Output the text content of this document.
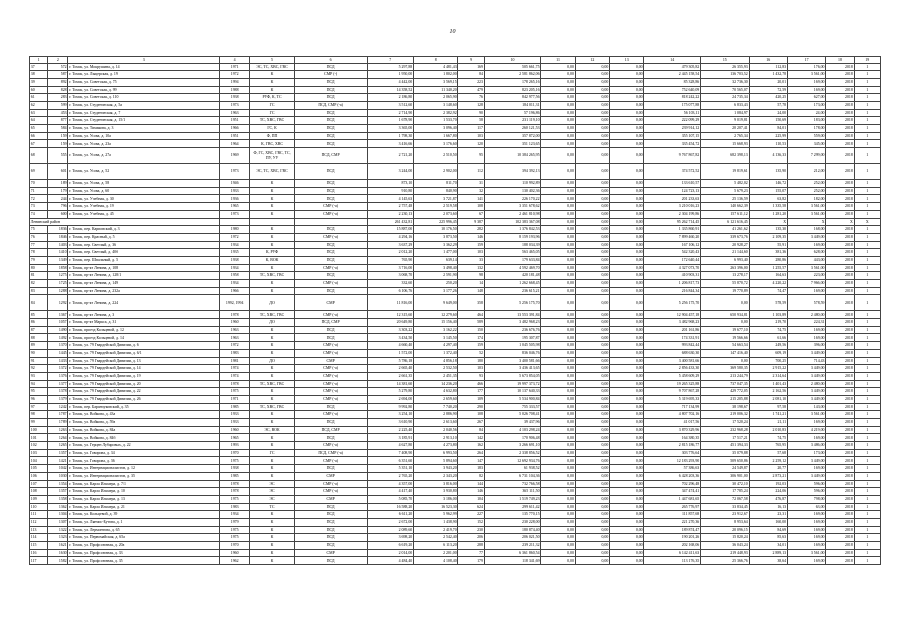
10
1	2	3	4	5	6	7	8	9	10	11	12	13	14	15	16	17	18	19
37	572	г. Томск, ул. Мокрушина, д. 14	1971	ЭС, ТС, ХВС, ГВС	ПСД	5 297,88	4 481,43	169	505 661,75	0,00	0,00	0,00	479 305,82	26 355,93	112,83	176,00	2018	1
38	587	г. Томск, ул. Лыцерская, д. 19	1972	К	СМР (-)	1 950,00	1 802,00	84	2 581 862,06	0,00	0,00	0,00	2 445 158,54	136 703,52	1 432,78	3 561,00	2018	1
39	892	г. Томск, ул. Советская, д. 75	1994	К	ПСД	4 442,00	3 569,15	223	178 265,16	0,00	0,00	0,00	85 328,86	32 736,30	20,01	169,00	2018	1
60	828	г. Томск, ул. Советская, д. 99	1988	К	ПСД	14 358,52	11 340,20	479	823 205,16	0,00	0,00	0,00	752 640,09	70 565,07	72,59	169,00	2018	1
61	283	г. Томск, ул. Советская, д. 110	1938	РУФ, К, ТС	ПСД	2 186,80	2 065,90	76	842 977,56	0,00	0,00	0,00	818 242,22	24 735,34	420,25	627,00	2018	1
62	599	г. Томск, ул. Студенческая, д. 5а	1973	ГС	ПСД, СМР (-а)	3 512,60	3 148,60	128	184 011,31	0,00	0,00	0,00	175 077,88	6 833,43	57,78	173,00	2018	1
63	453	г. Томск, ул. Студенческая, д. 7	1963	ГС	ПСД	2 714,90	2 382,92	90	57 196,86	0,00	0,00	0,00	56 103,11	1 084,97	24,00	24,00	2018	1
64	877	г. Томск, ул. Студенческая, д. 15/1	1951	ТС, ХВС, ГВС	ПСД	1 678,90	1 533,70	58	231 119,10	0,00	0,00	0,00	222 099,29	9 019,81	150,69	183,00	2018	1
65	584	г. Томск, ул. Тимакова, д. 3	1966	ГС, К	ПСД	3 365,00	3 096,40	117	260 121,53	0,00	0,00	0,00	239 914,12	20 207,41	84,01	178,00	2018	1
66	159	г. Томск, ул. Усова, д. 10а	1951	Ф, ПП	ПСД	1 798,30	1 667,80	103	357 872,00	0,00	0,00	0,00	355 107,15	2 765,34	225,99	559,00	2018	1
67	159	г. Томск, ул. Усова, д. 23а	1964	К, ГВС, ХВС	ПСД	3 416,66	3 176,60	120	351 123,65	0,00	0,00	0,00	335 454,72	15 668,93	110,53	345,00	2018	1
68	555	г. Томск, ул. Усова, д. 27а	1969	Ф, ГС, ХВС, ГВС, ТС, ПУ, УУ	ПСД, СМР	2 721,20	2 510,50	95	10 384 265,95	0,00	0,00	0,00	9 767 867,82	682 398,13	4 136,33	7 299,00	2018	1
69	601	г. Томск, ул. Усова, д. 52	1973	ЭС, ТС, ХВС, ГВС	ПСД	3 244,00	2 902,00	112	394 392,13	0,00	0,00	0,00	374 572,52	19 819,61	135,90	212,00	2018	1
70	189	г. Томск, ул. Усова, д. 58	1946	К	ПСД	873,10	811,70	31	110 992,89	0,00	0,00	0,00	133 610,57	5 482,02	146,72	252,00	2018	1
71	179	г. Томск, ул. Усова, д. 60	1933	К	ПСД	910,80	840,90	32	130 402,36	0,00	0,00	0,00	124 723,13	5 679,23	155,07	252,00	2018	1
72	244	г. Томск, ул. Учебная, д. 30	1936	К	ПСД	4 145,63	3 721,87	141	226 170,22	0,00	0,00	0,00	201 233,63	25 136,59	63,82	182,00	2018	1
73	796	г. Томск, ул. Учебная, д. 19	1965	К	СМР (-а)	2 757,48	2 519,58	108	3 351 678,62	0,00	0,00	0,00	3 210 016,23	140 662,39	1 335,58	3 561,00	2018	1
74	600	г. Томск, ул. Учебная, д. 45	1973	К	СМР (-а)	2 230,13	2 073,60	67	2 461 810,98	0,00	0,00	0,00	2 304 199,86	157 611,12	1 281,20	3 561,00	2018	1
Ленинский район						261 432,81	225 996,45	9 387	102 383 367,08	0,00	0,00	0,00	95 262 714,45	6 121 616,45	Х	Х	Х	Х
75	1836	г. Томск, пер. Карповский, д. 3	1980	К	ПСД	15 887,00	10 176,50	282	1 376 842,53	0,00	0,00	0,00	1 335 860,91	41 261,62	135,30	168,00	2018	1
76	1846	г. Томск, пер. Красный, д. 5	1972	К	СМР (-а)	4 294,16	3 873,50	146	8 159 193,96	0,00	0,00	0,00	7 899 460,20	339 673,76	2 109,35	3 449,00	2018	1
77	1403	г. Томск, пер. Светлый, д. 36	1934	К	ПСД	3 637,29	3 362,29	159	188 034,39	0,00	0,00	0,00	167 106,12	20 928,27	55,91	169,00	2018	1
78	1410	г. Томск, пер. Светлый, д. 40б	1935	К, РУФ	ПСД	2 012,20	1 477,00	103	563 465,05	0,00	0,00	0,00	542 320,43	21 144,60	381,36	628,00	2018	1
79	1349	г. Томск, пер. Шпальный, д. 5	1938	К, ВОК	ПСД	765,90	639,14	33	179 633,84	0,00	0,00	0,00	172 640,44	6 993,40	280,86	443,00	2018	1
80	1858	г. Томск, пр-кт Ленина, д. 108	1934	К	СМР (-а)	3 716,00	3 498,40	132	4 592 469,70	0,00	0,00	0,00	4 327 073,70	263 396,00	1 255,57	3 561,00	2018	1
81	1275	г. Томск, пр-кт Ленина, д. 128/1	1958	ТС, ХВС, ГВС	ПСД	3 068,70	2 591,90	98	420 181,48	0,00	0,00	0,00	410 903,31	13 278,17	164,63	223,00	2018	1
82	1725	г. Томск, пр-кт Ленина, д. 149	1934	К	СМР (-а)	332,60	250,20	14	1 262 668,45	0,00	0,00	0,00	1 206 817,73	55 870,72	4 220,22	7 966,00	2018	1
83	1288	г. Томск, пр-кт Ленина, д. 232а	1966	К	ПСД	6 106,76	3 177,26	148	236 615,21	0,00	0,00	0,00	216 844,34	19 770,89	74,47	169,00	2018	1
84	1292	г. Томск, пр-кт Ленина, д. 224	1992, 1994	ДО	СМР	11 816,00	9 649,00	358	5 256 175,70	0,00	0,00	0,00	5 256 175,70	0,00	578,59	578,59	2018	1
85	1367	г. Томск, пр-кт Ленина, д. 3	1978	ТС, ХВС, ГВС	СМР (-а)	12 315,60	12 279,60	464	13 553 391,84	0,00	0,00	0,00	12 904 457,18	650 934,81	1 103,89	2 480,00	2018	1
86	1057	г. Томск, пр-кт Маркса, д. 31	1960	ДО	ПСД, СМР	20 649,80	15 156,40	589	3 482 968,23	0,00	0,00	0,00	3 482 968,23	0,00	219,70	224,31	2018	1
87	1490	г. Томск, проезд Кольцевой, д. 12	1963	К	ПСД	3 303,22	3 162,22	150	236 676,76	0,00	0,00	0,00	201 161,86	19 677,10	74,75	169,00	2018	1
88	1492	г. Томск, проезд Кольцевой, д. 14	1963	К	ПСД	3 434,50	3 145,50	174	195 307,87	0,00	0,00	0,00	174 331,91	19 566,66	61,66	169,00	2018	1
89	1370	г. Томск, ул. 79 Гвардейской Дивизии, д. 6	1972	К	СМР (-а)	4 660,40	4 297,40	159	1 045 505,98	0,00	0,00	0,00	993 842,44	54 663,54	249,56	396,00	2018	1
90	1445	г. Томск, ул. 79 Гвардейской Дивизии, д. 6/1	1983	К	СМР (-а)	1 572,00	1 372,40	52	836 046,76	0,00	0,00	0,00	688 630,30	147 416,40	609,19	3 449,00	2018	1
91	1433	г. Томск, ул. 79 Гвардейской Дивизии, д. 13	1981	ДО	СМР	5 786,18	4 856,18	180	3 400 581,66	0,00	0,00	0,00	3 400 581,66	0,00	700,25	714,43	2018	1
92	1372	г. Томск, ул. 79 Гвардейской Дивизии, д. 14	1974	К	СМР (-а)	2 665,40	2 532,50	103	3 436 413,65	0,00	0,00	0,00	2 856 433,30	369 580,35	2 915,22	3 449,00	2018	1
93	1376	г. Томск, ул. 79 Гвардейской Дивизии, д. 19	1974	К	СМР (-а)	2 661,35	2 451,35	93	5 673 854,05	0,00	0,00	0,00	5 458 609,29	213 244,79	2 314,64	3 449,00	2018	1
94	1377	г. Томск, ул. 79 Гвардейской Дивизии, д. 20	1978	ТС, ХВС, ГВС	СМР (-а)	14 381,60	14 236,20	466	19 997 373,72	0,00	0,00	0,00	19 265 325,88	737 047,35	1 401,43	2 480,00	2018	1
95	1378	г. Томск, ул. 79 Гвардейской Дивизии, д. 22	1975	К	СМР (-а)	5 279,80	4 632,80	177	10 137 640,33	0,00	0,00	0,00	9 707 867,28	429 772,05	2 162,56	3 449,00	2018	1
96	1379	г. Томск, ул. 79 Гвардейской Дивизии, д. 26	1971	К	СМР (-а)	2 694,00	2 659,60	109	5 534 900,84	0,00	0,00	0,00	5 319 695,33	215 205,88	2 081,10	3 449,00	2018	1
97	1242	г. Томск, пер. Баранчуковский, д. 35	1985	ТС, ХВС, ГВС	ПСД	9 992,80	7 740,20	290	755 333,57	0,00	0,00	0,00	717 134,99	38 198,67	97,58	143,00	2018	1
98	1787	г. Томск, ул. Войкова, д. 43а	1933	К	СМР (-а)	3 254,10	2 886,90	108	5 026 708,41	0,00	0,00	0,00	4 807 702,16	219 006,32	1 741,21	3 561,00	2018	1
99	1789	г. Томск, ул. Войкова, д. 59а	1933	К	ПСД	3 610,90	2 613,60	267	39 437,96	0,00	0,00	0,00	41 017,56	17 520,24	21,11	169,00	2018	1
100	1263	г. Томск, ул. Войкова, д. 84а	1960	ЭС, ВОК	ПСД, СМР	2 225,40	2 040,56	84	4 103 298,24	0,00	0,00	0,00	3 870 329,96	232 968,28	2 010,83	4 219,00	2018	1
101	1264	г. Томск, ул. Войкова, д. 84б	1965	К	ПСД	3 185,91	2 913,10	142	170 906,48	0,00	0,00	0,00	164 380,35	17 517,21	74,75	169,00	2018	1
102	1265	г. Томск, ул. Герцен Лубаровых, д. 22	1993	К	СМР (-а)	4 627,80	4 273,80	162	3 266 691,10	0,00	0,00	0,00	2 815 186,77	451 394,33	765,95	3 486,00	2018	1
103	1357	г. Томск, ул. Говорова, д. 34	1970	ГС	ПСД, СМР (-а)	7 408,90	6 993,50	264	2 338 856,52	0,00	0,00	0,00	303 776,64	35 079,88	57,68	173,00	2018	1
104	1421	г. Томск, ул. Говорова, д. 36	1975	К	СМР (-а)	6 351,60	5 894,60	147	12 692 934,76	0,00	0,00	0,00	12 183 293,90	509 650,86	2 259,12	3 449,00	2018	1
105	1042	г. Томск, ул. Интернационалистов, д. 12	1938	К	ПСД	5 351,10	3 943,20	183	61 938,52	0,00	0,00	0,00	57 386,63	24 549,87	20,77	169,00	2018	1
106	1030	г. Томск, ул. Интернационалистов, д. 35	1985	К	СМР	2 765,20	2 343,20	82	6 731 104,36	0,00	0,00	0,00	6 428 203,36	306 901,00	2 873,21	3 449,00	2018	1
107	1354	г. Томск, ул. Карла Ильмера, д. 7/1	1978	ЭС	СМР (-а)	4 357,00	3 816,00	144	732 766,58	0,00	0,00	0,00	702 296,48	30 472,10	192,03	596,00	2018	1
108	1357	г. Томск, ул. Карла Ильмера, д. 10	1978	ЭС	СМР (-а)	4 417,40	3 930,80	146	365 111,50	0,00	0,00	0,00	347 474,41	17 785,24	224,06	596,00	2018	1
109	1358	г. Томск, ул. Карла Ильмера, д. 13	1975	ЭС	СМР	5 085,70	3 186,00	104	1 519 749,23	0,00	0,00	0,00	1 447 681,65	72 067,58	476,87	798,00	2018	1
110	1362	г. Томск, ул. Карла Ильмера, д. 21	1983	ТС	ПСД	16 588,20	16 523,30	624	299 611,42	0,00	0,00	0,00	265 776,97	33 834,45	16,13	63,00	2018	1
111	1304	г. Томск, ул. Кольцевой, д. 39	1934	К	ПСД	6 611,20	5 962,99	227	135 770,15	0,00	0,00	0,00	111 857,68	23 912,67	23,31	169,00	2018	1
112	1307	г. Томск, ул. Лянчис-Бутова, д. 1	1979	К	ПСД	2 672,00	1 438,90	152	230 228,00	0,00	0,00	0,00	221 270,36	8 953,64	160,00	169,00	2018	1
113	1322	г. Томск, ул. Лермонтова, д. 65	1975	К	ПСД	2 089,60	2 419,70	230	180 874,40	0,00	0,00	0,00	189 874,47	20 096,15	84,69	169,00	2018	1
114	1323	г. Томск, ул. Первомайская, д. 65а	1975	К	ПСД	3 698,20	2 542,40	206	206 021,50	0,00	0,00	0,00	190 201,26	15 820,24	85,63	169,00	2018	1
115	1621	г. Томск, ул. Профсоюзная, д. 20а	1970	К	ПСД	6 619,20	6 113,20	288	239 211,32	0,00	0,00	0,00	202 168,06	36 043,24	34,01	169,00	2018	1
116	1630	г. Томск, ул. Профсоюзная, д. 33	1960	К	СМР	2 014,00	2 201,00	77	6 361 860,54	0,00	0,00	0,00	6 142 411,63	219 448,93	2 889,13	3 561,00	2018	1
117	1582	г. Томск, ул. Профсоюзная, д. 35	1962	К	ПСД	4 484,40	4 108,40	179	118 341,69	0,00	0,00	0,00	113 176,35	25 366,76	38,64	169,00	2018	1
